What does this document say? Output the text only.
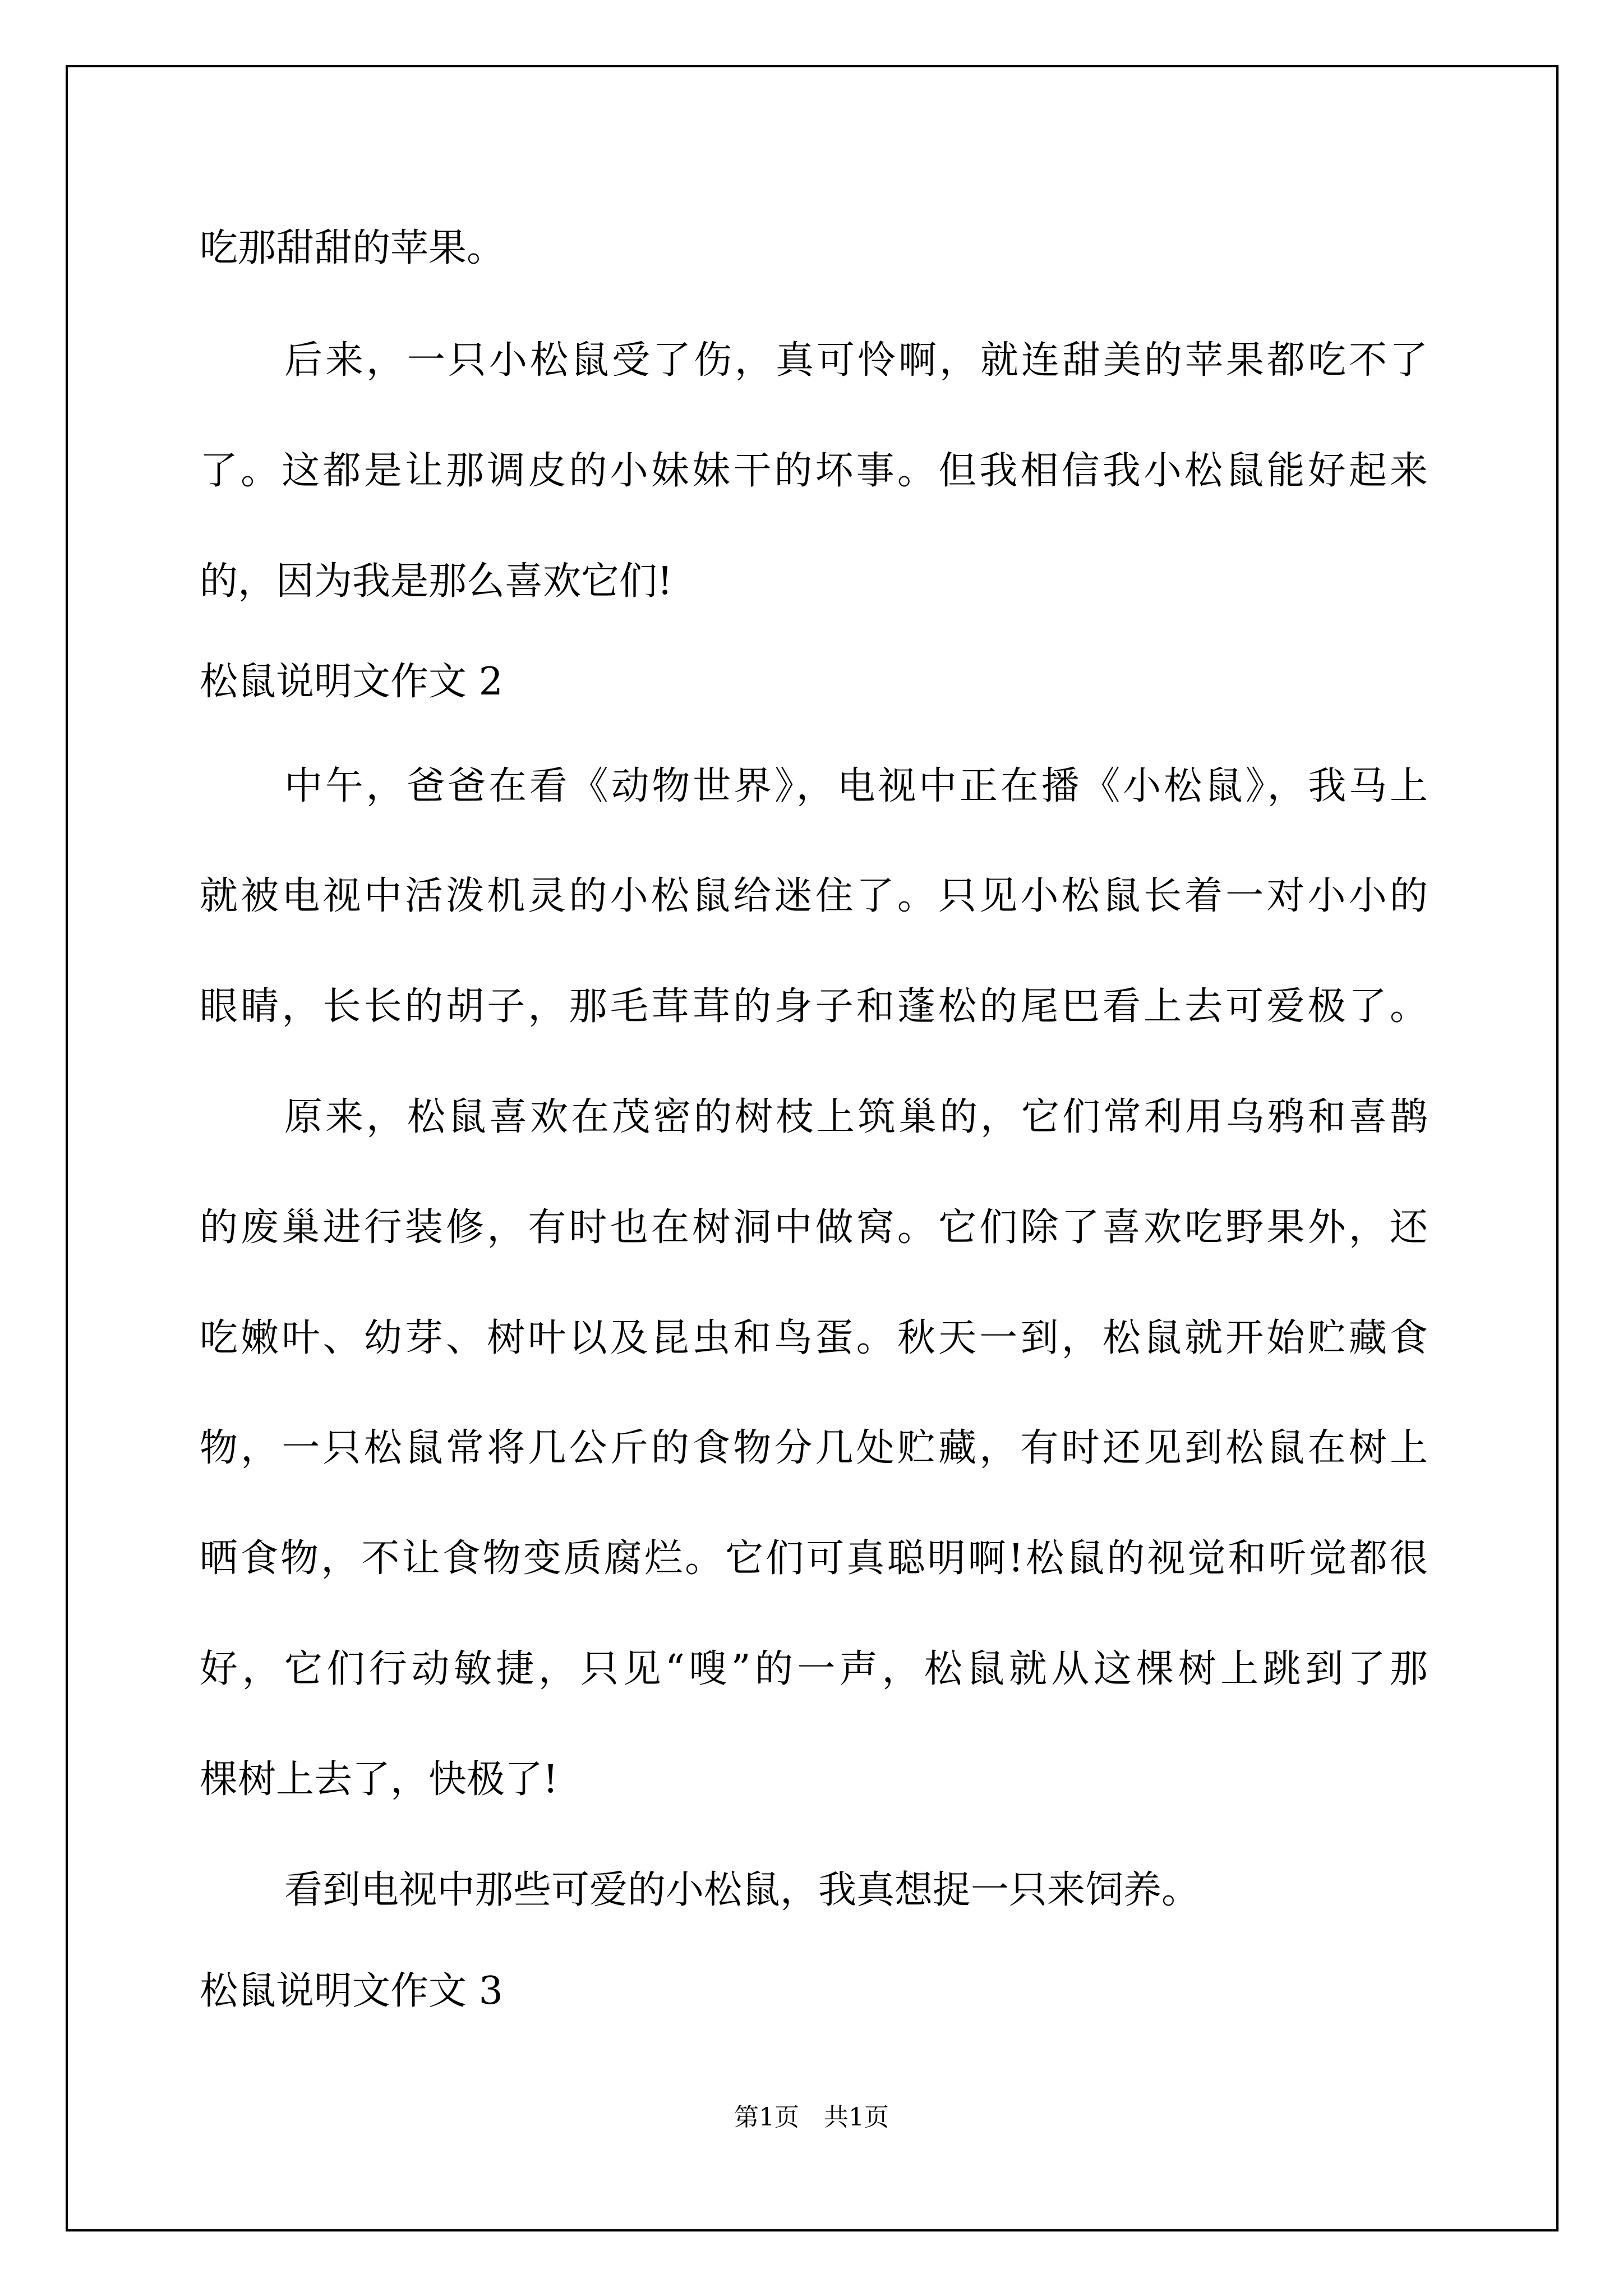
吃那甜甜的苹果。

后来，一只小松鼠受了伤，真可怜啊，就连甜美的苹果都吃不了

了。这都是让那调皮的小妹妹干的坏事。但我相信我小松鼠能好起来

的，因为我是那么喜欢它们!

松鼠说明文作文 2

中午，爸爸在看《动物世界》，电视中正在播《小松鼠》，我马上

就被电视中活泼机灵的小松鼠给迷住了。只见小松鼠长着一对小小的

眼睛，长长的胡子，那毛茸茸的身子和蓬松的尾巴看上去可爱极了。

原来，松鼠喜欢在茂密的树枝上筑巢的，它们常利用乌鸦和喜鹊

的废巢进行装修，有时也在树洞中做窝。它们除了喜欢吃野果外，还

吃嫩叶、幼芽、树叶以及昆虫和鸟蛋。秋天一到，松鼠就开始贮藏食

物，一只松鼠常将几公斤的食物分几处贮藏，有时还见到松鼠在树上

晒食物，不让食物变质腐烂。它们可真聪明啊!松鼠的视觉和听觉都很

好，它们行动敏捷，只见“嗖”的一声，松鼠就从这棵树上跳到了那

棵树上去了，快极了!

看到电视中那些可爱的小松鼠，我真想捉一只来饲养。

松鼠说明文作文 3

第1页　共1页
